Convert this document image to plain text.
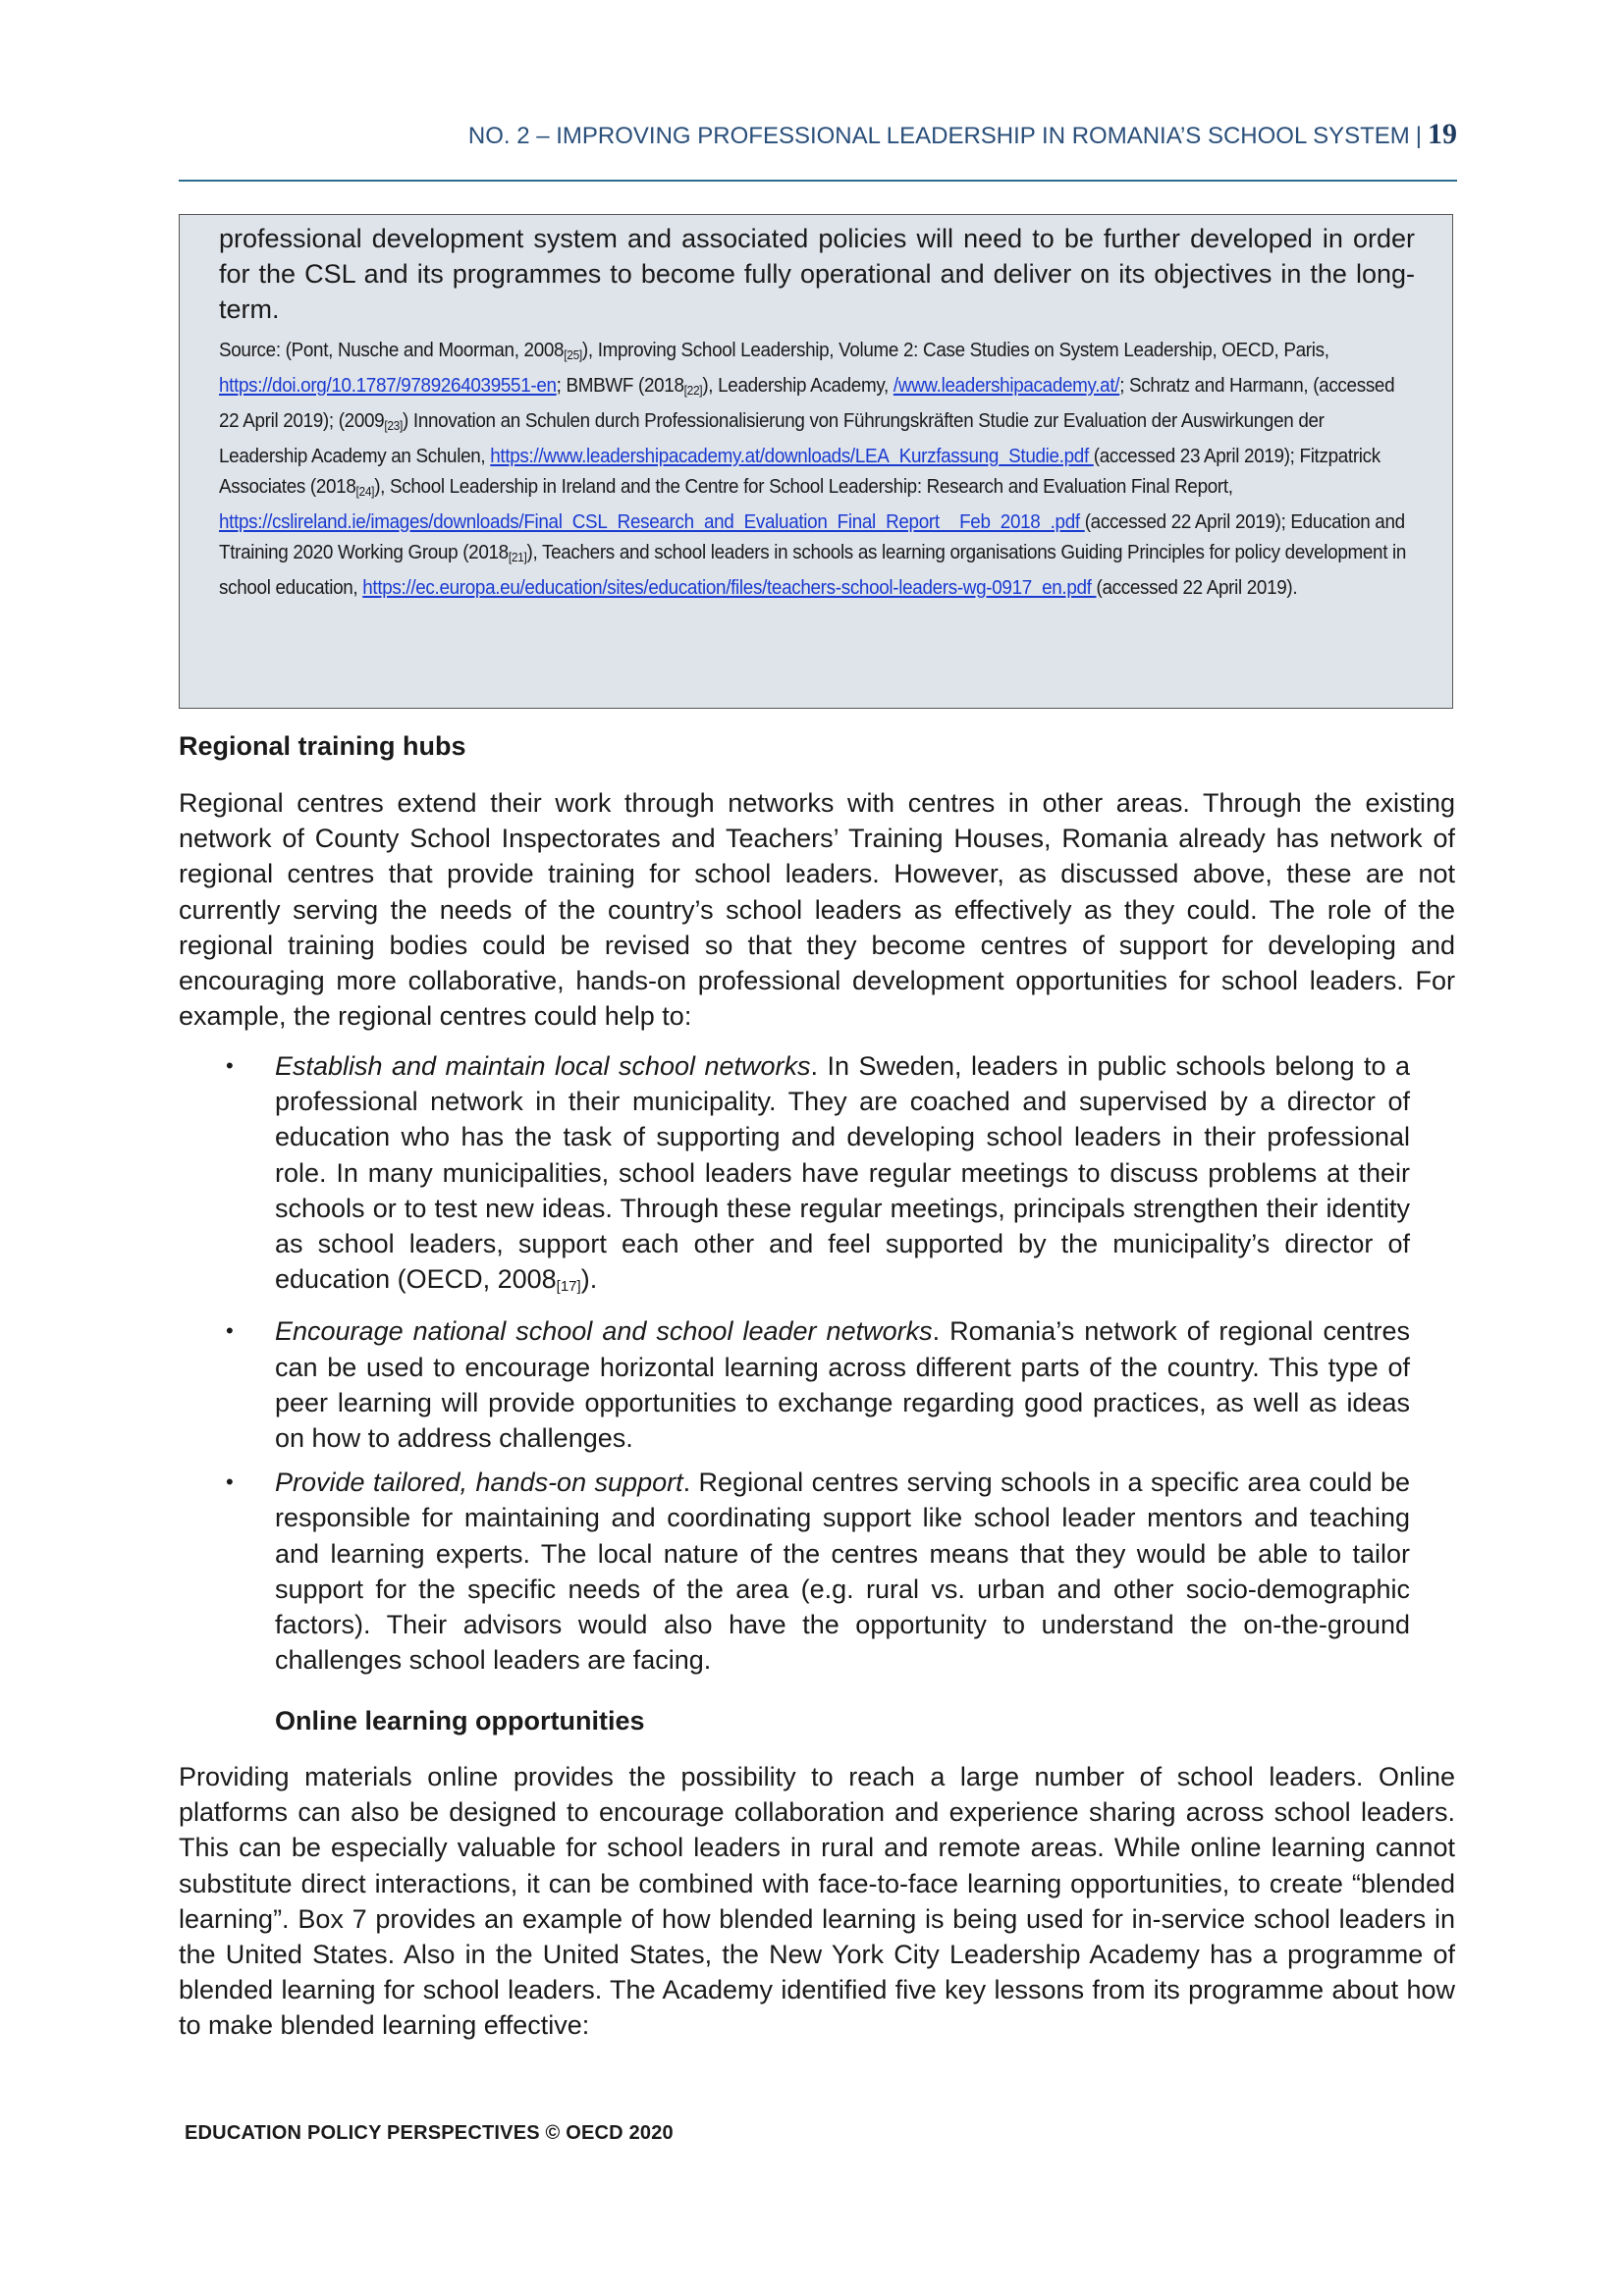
NO. 2 – IMPROVING PROFESSIONAL LEADERSHIP IN ROMANIA’S SCHOOL SYSTEM | 19

professional development system and associated policies will need to be further developed in order for the CSL and its programmes to become fully operational and deliver on its objectives in the long-term.

Source: (Pont, Nusche and Moorman, 2008[25]), Improving School Leadership, Volume 2: Case Studies on System Leadership, OECD, Paris, https://doi.org/10.1787/9789264039551-en; BMBWF (2018[22]), Leadership Academy, /www.leadershipacademy.at/; Schratz and Harmann, (accessed 22 April 2019); (2009[23]) Innovation an Schulen durch Professionalisierung von Führungskräften Studie zur Evaluation der Auswirkungen der Leadership Academy an Schulen, https://www.leadershipacademy.at/downloads/LEA_Kurzfassung_Studie.pdf (accessed 23 April 2019); Fitzpatrick Associates (2018[24]), School Leadership in Ireland and the Centre for School Leadership: Research and Evaluation Final Report, https://cslireland.ie/images/downloads/Final_CSL_Research_and_Evaluation_Final_Report__Feb_2018_.pdf (accessed 22 April 2019); Education and Ttraining 2020 Working Group (2018[21]), Teachers and school leaders in schools as learning organisations Guiding Principles for policy development in school education, https://ec.europa.eu/education/sites/education/files/teachers-school-leaders-wg-0917_en.pdf (accessed 22 April 2019).

Regional training hubs

Regional centres extend their work through networks with centres in other areas. Through the existing network of County School Inspectorates and Teachers’ Training Houses, Romania already has network of regional centres that provide training for school leaders. However, as discussed above, these are not currently serving the needs of the country’s school leaders as effectively as they could. The role of the regional training bodies could be revised so that they become centres of support for developing and encouraging more collaborative, hands-on professional development opportunities for school leaders. For example, the regional centres could help to:

• Establish and maintain local school networks. In Sweden, leaders in public schools belong to a professional network in their municipality. They are coached and supervised by a director of education who has the task of supporting and developing school leaders in their professional role. In many municipalities, school leaders have regular meetings to discuss problems at their schools or to test new ideas. Through these regular meetings, principals strengthen their identity as school leaders, support each other and feel supported by the municipality’s director of education (OECD, 2008[17]).
• Encourage national school and school leader networks. Romania’s network of regional centres can be used to encourage horizontal learning across different parts of the country. This type of peer learning will provide opportunities to exchange regarding good practices, as well as ideas on how to address challenges.
• Provide tailored, hands-on support. Regional centres serving schools in a specific area could be responsible for maintaining and coordinating support like school leader mentors and teaching and learning experts. The local nature of the centres means that they would be able to tailor support for the specific needs of the area (e.g. rural vs. urban and other socio-demographic factors). Their advisors would also have the opportunity to understand the on-the-ground challenges school leaders are facing.

Online learning opportunities

Providing materials online provides the possibility to reach a large number of school leaders. Online platforms can also be designed to encourage collaboration and experience sharing across school leaders. This can be especially valuable for school leaders in rural and remote areas. While online learning cannot substitute direct interactions, it can be combined with face-to-face learning opportunities, to create “blended learning”. Box 7 provides an example of how blended learning is being used for in-service school leaders in the United States. Also in the United States, the New York City Leadership Academy has a programme of blended learning for school leaders. The Academy identified five key lessons from its programme about how to make blended learning effective:

EDUCATION POLICY PERSPECTIVES © OECD 2020
